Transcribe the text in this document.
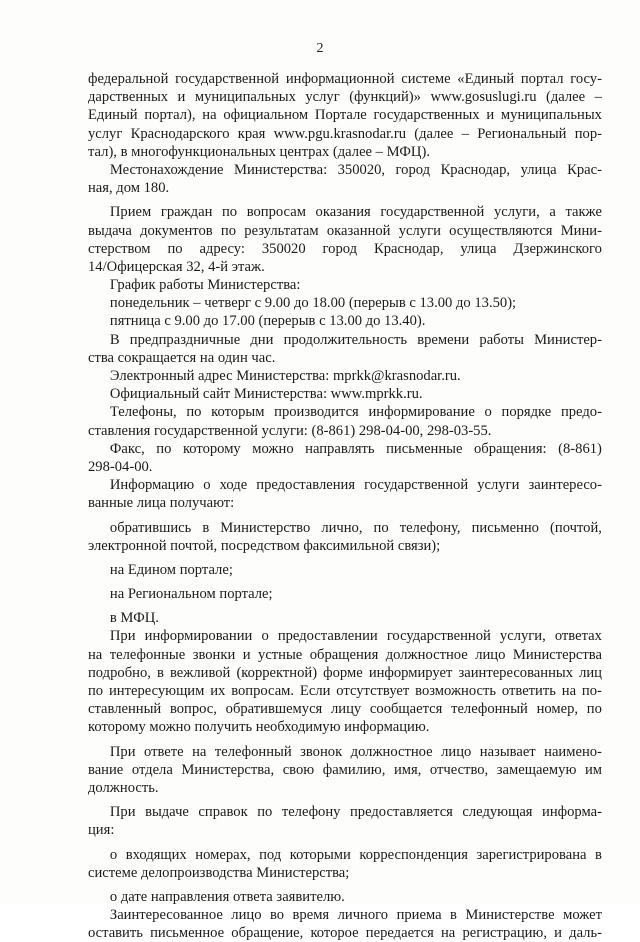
2
федеральной государственной информационной системе «Единый портал госу-
дарственных и муниципальных услуг (функций)» www.gosuslugi.ru (далее –
Единый портал), на официальном Портале государственных и муниципальных
услуг Краснодарского края www.pgu.krasnodar.ru (далее – Региональный пор-
тал), в многофункциональных центрах (далее – МФЦ).
Местонахождение Министерства: 350020, город Краснодар, улица Крас-
ная, дом 180.
Прием граждан по вопросам оказания государственной услуги, а также
выдача документов по результатам оказанной услуги осуществляются Мини-
стерством по адресу: 350020 город Краснодар, улица Дзержинского
14/Офицерская 32, 4-й этаж.
График работы Министерства:
понедельник – четверг с 9.00 до 18.00 (перерыв с 13.00 до 13.50);
пятница с 9.00 до 17.00 (перерыв с 13.00 до 13.40).
В предпраздничные дни продолжительность времени работы Министер-
ства сокращается на один час.
Электронный адрес Министерства: mprkk@krasnodar.ru.
Официальный сайт Министерства: www.mprkk.ru.
Телефоны, по которым производится информирование о порядке предо-
ставления государственной услуги: (8-861) 298-04-00, 298-03-55.
Факс, по которому можно направлять письменные обращения: (8-861)
298-04-00.
Информацию о ходе предоставления государственной услуги заинтересо-
ванные лица получают:
обратившись в Министерство лично, по телефону, письменно (почтой,
электронной почтой, посредством факсимильной связи);
на Едином портале;
на Региональном портале;
в МФЦ.
При информировании о предоставлении государственной услуги, ответах
на телефонные звонки и устные обращения должностное лицо Министерства
подробно, в вежливой (корректной) форме информирует заинтересованных лиц
по интересующим их вопросам. Если отсутствует возможность ответить на по-
ставленный вопрос, обратившемуся лицу сообщается телефонный номер, по
которому можно получить необходимую информацию.
При ответе на телефонный звонок должностное лицо называет наимено-
вание отдела Министерства, свою фамилию, имя, отчество, замещаемую им
должность.
При выдаче справок по телефону предоставляется следующая информа-
ция:
о входящих номерах, под которыми корреспонденция зарегистрирована в
системе делопроизводства Министерства;
о дате направления ответа заявителю.
Заинтересованное лицо во время личного приема в Министерстве может
оставить письменное обращение, которое передается на регистрацию, и даль-
